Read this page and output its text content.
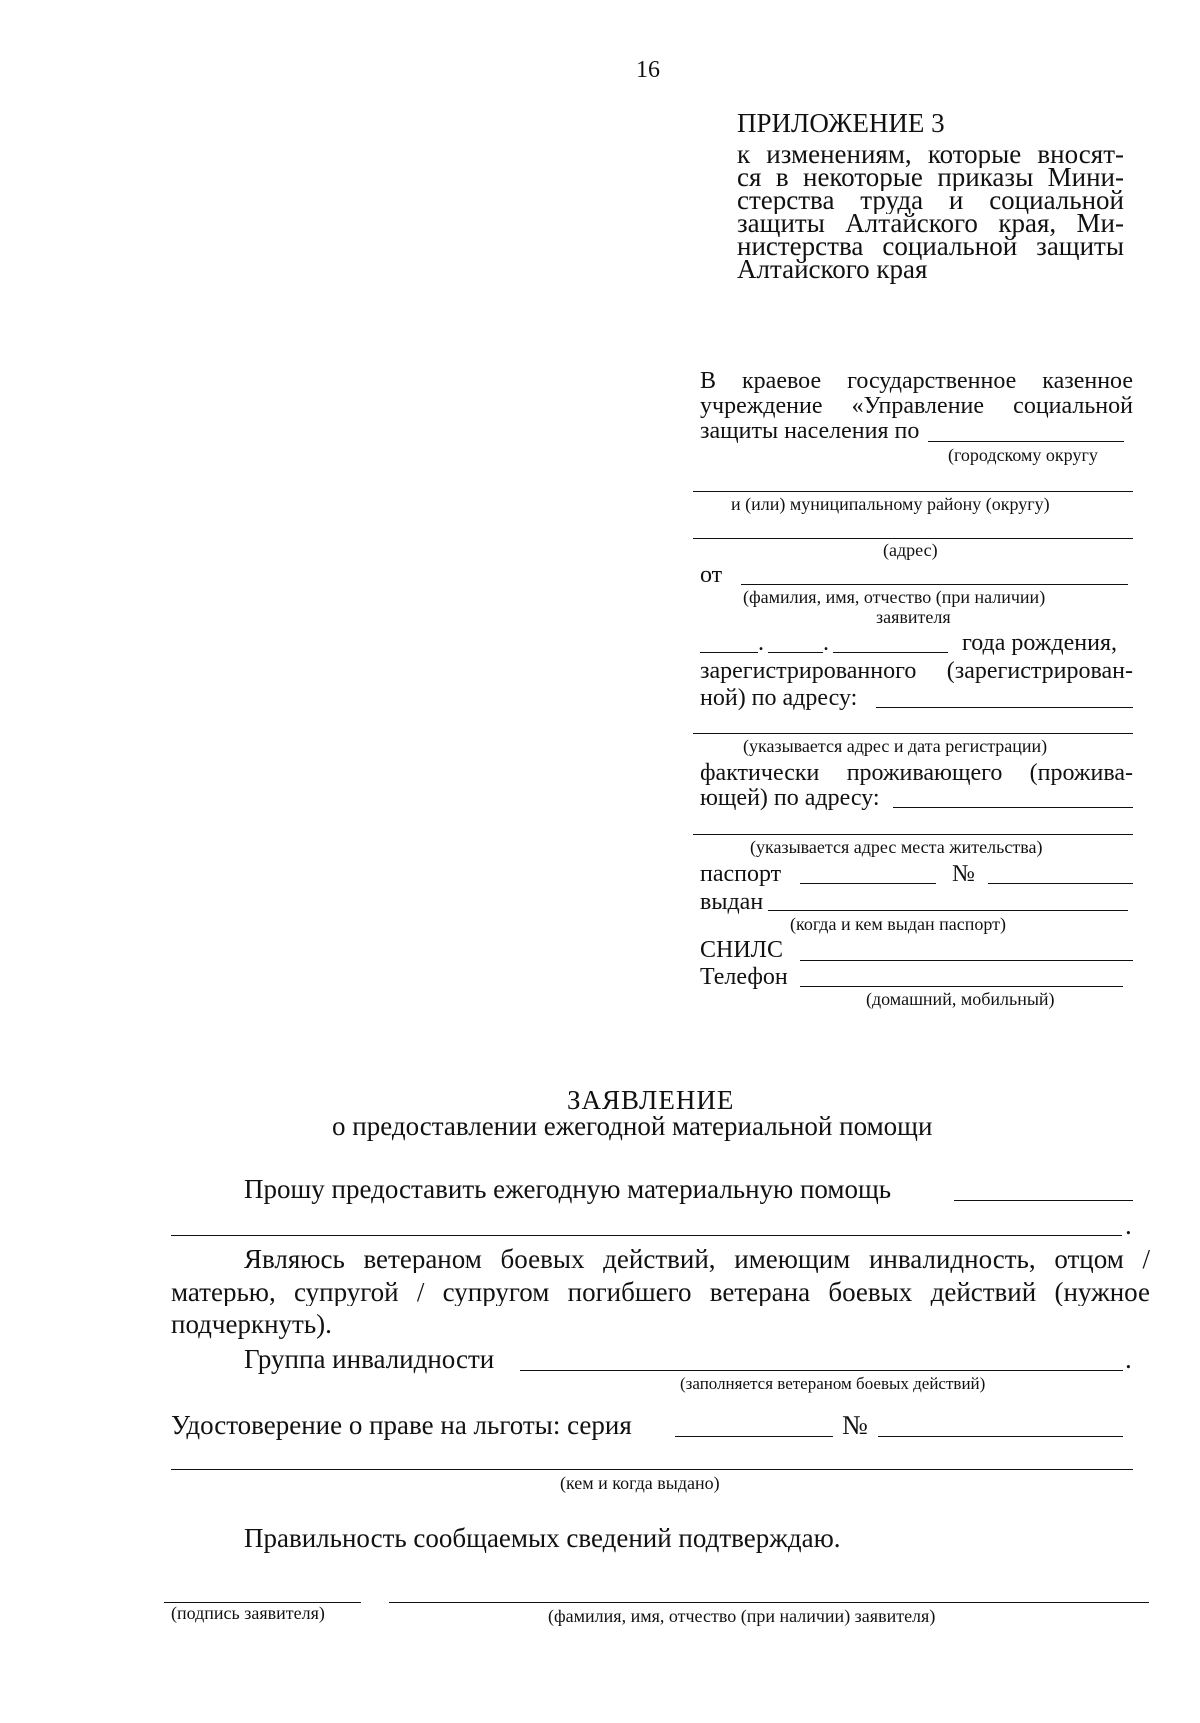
16
ПРИЛОЖЕНИЕ 3
к изменениям, которые вносят-
ся в некоторые приказы Мини-
стерства труда и социальной
защиты Алтайского края, Ми-
нистерства социальной защиты
Алтайского края
В краевое государственное казенное
учреждение «Управление социальной
защиты населения по
(городскому округу
и (или) муниципальному району (округу)
(адрес)
от
(фамилия, имя, отчество (при наличии)
заявителя
. .	года рождения,
зарегистрированного (зарегистрирован-
ной) по адресу:
(указывается адрес и дата регистрации)
фактически проживающего (прожива-
ющей) по адресу:
(указывается адрес места жительства)
паспорт	№
выдан
(когда и кем выдан паспорт)
СНИЛС
Телефон
(домашний, мобильный)
ЗАЯВЛЕНИЕ
о предоставлении ежегодной материальной помощи
Прошу предоставить ежегодную материальную помощь
.
Являюсь ветераном боевых действий, имеющим инвалидность, отцом /
матерью, супругой / супругом погибшего ветерана боевых действий (нужное
подчеркнуть).
Группа инвалидности	.
(заполняется ветераном боевых действий)
Удостоверение о праве на льготы: серия	№
(кем и когда выдано)
Правильность сообщаемых сведений подтверждаю.
(подпись заявителя)	(фамилия, имя, отчество (при наличии) заявителя)
